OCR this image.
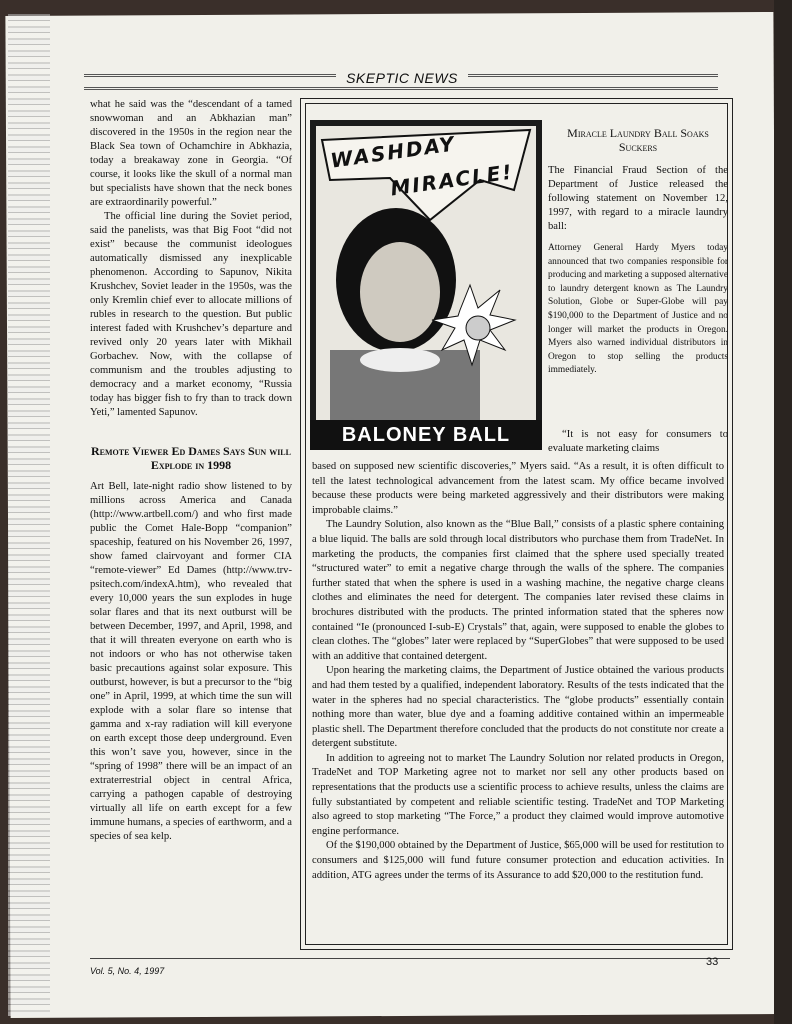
SKEPTIC NEWS

what he said was the “descendant of a tamed snowwoman and an Abkhazian man” discovered in the 1950s in the region near the Black Sea town of Ochamchire in Abkhazia, today a breakaway zone in Georgia. “Of course, it looks like the skull of a normal man but specialists have shown that the neck bones are extraordinarily powerful.”

The official line during the Soviet period, said the panelists, was that Big Foot “did not exist” because the communist ideologues automatically dismissed any inexplicable phenomenon. According to Sapunov, Nikita Krushchev, Soviet leader in the 1950s, was the only Kremlin chief ever to allocate millions of rubles in research to the question. But public interest faded with Krushchev’s departure and revived only 20 years later with Mikhail Gorbachev. Now, with the collapse of communism and the troubles adjusting to democracy and a market economy, “Russia today has bigger fish to fry than to track down Yeti,” lamented Sapunov.

Remote Viewer Ed Dames Says Sun will Explode in 1998

Art Bell, late-night radio show listened to by millions across America and Canada (http://www.artbell.com/) and who first made public the Comet Hale-Bopp “companion” spaceship, featured on his November 26, 1997, show famed clairvoyant and former CIA “remote-viewer” Ed Dames (http://www.trv-psitech.com/indexA.htm), who revealed that every 10,000 years the sun explodes in huge solar flares and that its next outburst will be between December, 1997, and April, 1998, and that it will threaten everyone on earth who is not indoors or who has not otherwise taken basic precautions against solar exposure. This outburst, however, is but a precursor to the “big one” in April, 1999, at which time the sun will explode with a solar flare so intense that gamma and x-ray radiation will kill everyone on earth except those deep underground. Even this won’t save you, however, since in the “spring of 1998” there will be an impact of an extraterrestrial object in central Africa, carrying a pathogen capable of destroying virtually all life on earth except for a few immune humans, a species of earthworm, and a species of sea kelp.

WASHDAY
MIRACLE!
BALONEY BALL
Miracle Laundry Ball Soaks Suckers

The Financial Fraud Section of the Department of Justice released the following statement on November 12, 1997, with regard to a miracle laundry ball:

Attorney General Hardy Myers today announced that two companies responsible for producing and marketing a supposed alternative to laundry detergent known as The Laundry Solution, Globe or Super-Globe will pay $190,000 to the Department of Justice and no longer will market the products in Oregon. Myers also warned individual distributors in Oregon to stop selling the products immediately.

“It is not easy for consumers to evaluate marketing claims

based on supposed new scientific discoveries,” Myers said. “As a result, it is often difficult to tell the latest technological advancement from the latest scam. My office became involved because these products were being marketed aggressively and their distributors were making improbable claims.”

The Laundry Solution, also known as the “Blue Ball,” consists of a plastic sphere containing a blue liquid. The balls are sold through local distributors who purchase them from TradeNet. In marketing the products, the companies first claimed that the sphere used specially treated “structured water” to emit a negative charge through the walls of the sphere. The companies further stated that when the sphere is used in a washing machine, the negative charge cleans clothes and eliminates the need for detergent. The companies later revised these claims in brochures distributed with the products. The printed information stated that the spheres now contained “Ie (pronounced I-sub-E) Crystals” that, again, were supposed to enable the globes to clean clothes. The “globes” later were replaced by “SuperGlobes” that were supposed to be used with an additive that contained detergent.

Upon hearing the marketing claims, the Department of Justice obtained the various products and had them tested by a qualified, independent laboratory. Results of the tests indicated that the water in the spheres had no special characteristics. The “globe products” essentially contain nothing more than water, blue dye and a foaming additive contained within an impermeable plastic shell. The Department therefore concluded that the products do not constitute nor create a detergent substitute.

In addition to agreeing not to market The Laundry Solution nor related products in Oregon, TradeNet and TOP Marketing agree not to market nor sell any other products based on representations that the products use a scientific process to achieve results, unless the claims are fully substantiated by competent and reliable scientific testing. TradeNet and TOP Marketing also agreed to stop marketing “The Force,” a product they claimed would improve automotive engine performance.

Of the $190,000 obtained by the Department of Justice, $65,000 will be used for restitution to consumers and $125,000 will fund future consumer protection and education activities. In addition, ATG agrees under the terms of its Assurance to add $20,000 to the restitution fund.

Vol. 5, No. 4, 1997
33
